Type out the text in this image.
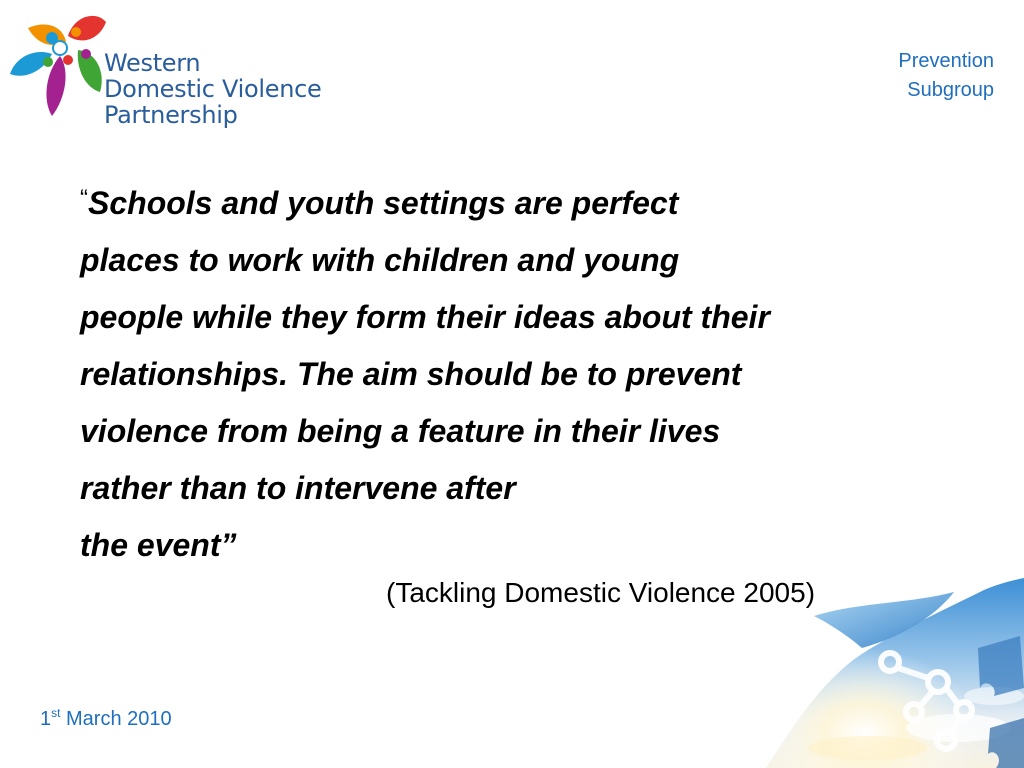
Western
Domestic Violence
Partnership
Prevention
Subgroup
“Schools and youth settings are perfect
places to work with children and young
people while they form their ideas about their
relationships. The aim should be to prevent
violence from being a feature in their lives
rather than to intervene after
the event”
(Tackling Domestic Violence 2005)
1st March 2010
